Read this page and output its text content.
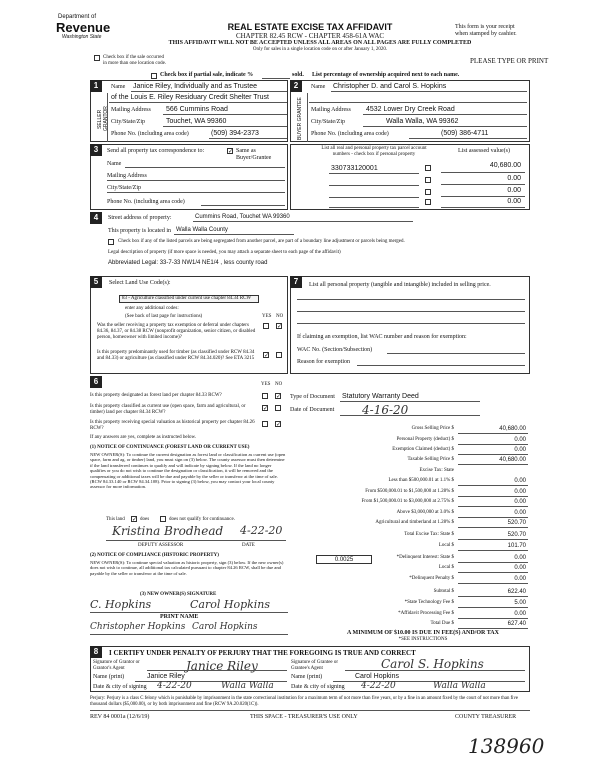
Department of
Revenue
Washington State
REAL ESTATE EXCISE TAX AFFIDAVIT
CHAPTER 82.45 RCW - CHAPTER 458-61A WAC
THIS AFFIDAVIT WILL NOT BE ACCEPTED UNLESS ALL AREAS ON ALL PAGES ARE FULLY COMPLETED
Only for sales in a single location code on or after January 1, 2020.
This form is your receipt
when stamped by cashier.
PLEASE TYPE OR PRINT
Check box if the sale occurred
in more than one location code.
Check box if partial sale, indicate %	sold. List percentage of ownership acquired next to each name.
1
SELLER GRANTOR
Name Janice Riley, Individually and as Trustee
of the Louis E. Riley Residuary Credit Shelter Trust
Mailing Address 566 Cummins Road
City/State/Zip	Touchet, WA 99360
Phone No. (including area code)	(509) 394-2373
2
BUYER GRANTEE
Name Christopher D. and Carol S. Hopkins
Mailing Address 4532 Lower Dry Creek Road
City/State/Zip	Walla Walla, WA 99362
Phone No. (including area code)	(509) 386-4711
3	Send all property tax correspondence to:	✓ Same as Buyer/Grantee
Name
Mailing Address
City/State/Zip
Phone No. (including area code)
List all real and personal property tax parcel account numbers - check box if personal property
List assessed value(s)
330733120001	40,680.00
0.00
0.00
0.00
4	Street address of property:	Cummins Road, Touchet WA 99360
This property is located in Walla Walla County
Check box if any of the listed parcels are being segregated from another parcel, are part of a boundary line adjustment or parcels being merged.
Legal description of property (if more space is needed, you may attach a separate sheet to each page of the affidavit)
Abbreviated Legal: 33-7-33 NW1/4 NE1/4 , less county road
5	Select Land Use Code(s):
83 - Agriculture classified under current use chapter 84.34 RCW
enter any additional codes:
(See back of last page for instructions)	YES NO
Was the seller receiving a property tax exemption or deferral under chapters 84.36, 84.37, or 84.38 RCW (nonprofit organization, senior citizen, or disabled person, homeowner with limited income)?
✓
Is this property predominantly used for timber (as classified under RCW 84.34 and 84.33) or agriculture (as classified under RCW 84.34.020)? See ETA 3215	✓
7	List all personal property (tangible and intangible) included in selling price.
If claiming an exemption, list WAC number and reason for exemption:
WAC No. (Section/Subsection)
Reason for exemption
6	YES NO
Is this property designated as forest land per chapter 84.33 RCW?	✓
Is this property classified as current use (open space, farm and agricultural, or timber) land per chapter 84.34 RCW?
✓
Is this property receiving special valuation as historical property per chapter 84.26 RCW?
✓
If any answers are yes, complete as instructed below.
(1) NOTICE OF CONTINUANCE (FOREST LAND OR CURRENT USE)
NEW OWNER(S): To continue the current designation as forest land or classification as current use (open space, farm and ag, or timber) land, you must sign on (3) below. The county assessor must then determine if the land transferred continues to qualify and will indicate by signing below. If the land no longer qualifies or you do not wish to continue the designation or classification, it will be removed and the compensating or additional taxes will be due and payable by the seller or transferor at the time of sale. (RCW 84.33.140 or RCW 84.34.108). Prior to signing (3) below, you may contact your local county assessor for more information.
This land ✓ does	does not qualify for continuance.
Kristina Brodhead 4-22-20
DEPUTY ASSESSOR	DATE
(2) NOTICE OF COMPLIANCE (HISTORIC PROPERTY)
NEW OWNER(S): To continue special valuation as historic property, sign (3) below. If the new owner(s) does not wish to continue, all additional tax calculated pursuant to chapter 84.26 RCW, shall be due and payable by the seller or transferor at the time of sale.
(3) NEW OWNER(S) SIGNATURE
C. Hopkins	Carol Hopkins
PRINT NAME
Christopher Hopkins Carol Hopkins
Type of Document Statutory Warranty Deed
Date of Document 4-16-20
Gross Selling Price $	40,680.00
Personal Property (deduct) $	0.00
Exemption Claimed (deduct) $	0.00
Taxable Selling Price $	40,680.00
Excise Tax: State
Less than $500,000.01 at 1.1% $	0.00
From $500,000.01 to $1,500,000 at 1.28% $	0.00
From $1,500,000.01 to $3,000,000 at 2.75% $	0.00
Above $3,000,000 at 3.0% $	0.00
Agricultural and timberland at 1.28% $	520.70
Total Excise Tax: State $	520.70
Local $	101.70
*Delinquent Interest: State $	0.00
Local $	0.00
*Delinquent Penalty $	0.00
Subtotal $	622.40
*State Technology Fee $	5.00
*Affidavit Processing Fee $	0.00
Total Due $	627.40
0.0025
A MINIMUM OF $10.00 IS DUE IN FEE(S) AND/OR TAX
*SEE INSTRUCTIONS
8	I CERTIFY UNDER PENALTY OF PERJURY THAT THE FOREGOING IS TRUE AND CORRECT
Signature of Grantor or Grantor's Agent	Janice Riley	Signature of Grantee or Grantee's Agent	Carol S. Hopkins
Name (print)	Janice Riley	Name (print)	Carol Hopkins
Date & city of signing 4-22-20	Walla Walla	Date & city of signing 4-22-20	Walla Walla
Perjury: Perjury is a class C felony which is punishable by imprisonment in the state correctional institution for a maximum term of not more than five years, or by a fine in an amount fixed by the court of not more than five thousand dollars ($5,000.00), or by both imprisonment and fine (RCW 9A.20.020(1C)).
REV 84 0001a (12/6/19)	THIS SPACE - TREASURER'S USE ONLY	COUNTY TREASURER
138960
